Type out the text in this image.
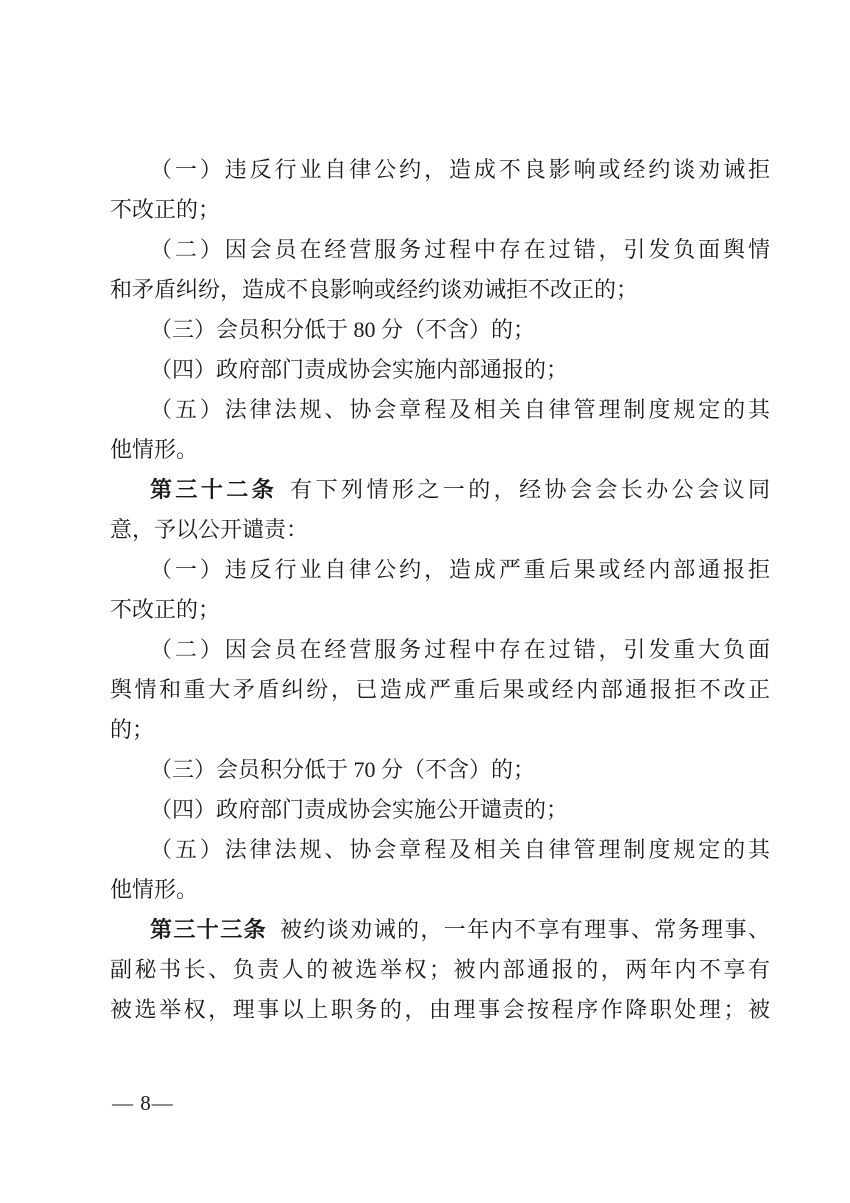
（一）违反行业自律公约，造成不良影响或经约谈劝诫拒
不改正的；
（二）因会员在经营服务过程中存在过错，引发负面舆情
和矛盾纠纷，造成不良影响或经约谈劝诫拒不改正的；
（三）会员积分低于 80 分（不含）的；
（四）政府部门责成协会实施内部通报的；
（五）法律法规、协会章程及相关自律管理制度规定的其
他情形。
第三十二条 有下列情形之一的，经协会会长办公会议同
意，予以公开谴责：
（一）违反行业自律公约，造成严重后果或经内部通报拒
不改正的；
（二）因会员在经营服务过程中存在过错，引发重大负面
舆情和重大矛盾纠纷，已造成严重后果或经内部通报拒不改正
的；
（三）会员积分低于 70 分（不含）的；
（四）政府部门责成协会实施公开谴责的；
（五）法律法规、协会章程及相关自律管理制度规定的其
他情形。
第三十三条 被约谈劝诫的，一年内不享有理事、常务理事、
副秘书长、负责人的被选举权；被内部通报的，两年内不享有
被选举权，理事以上职务的，由理事会按程序作降职处理；被
— 8—
